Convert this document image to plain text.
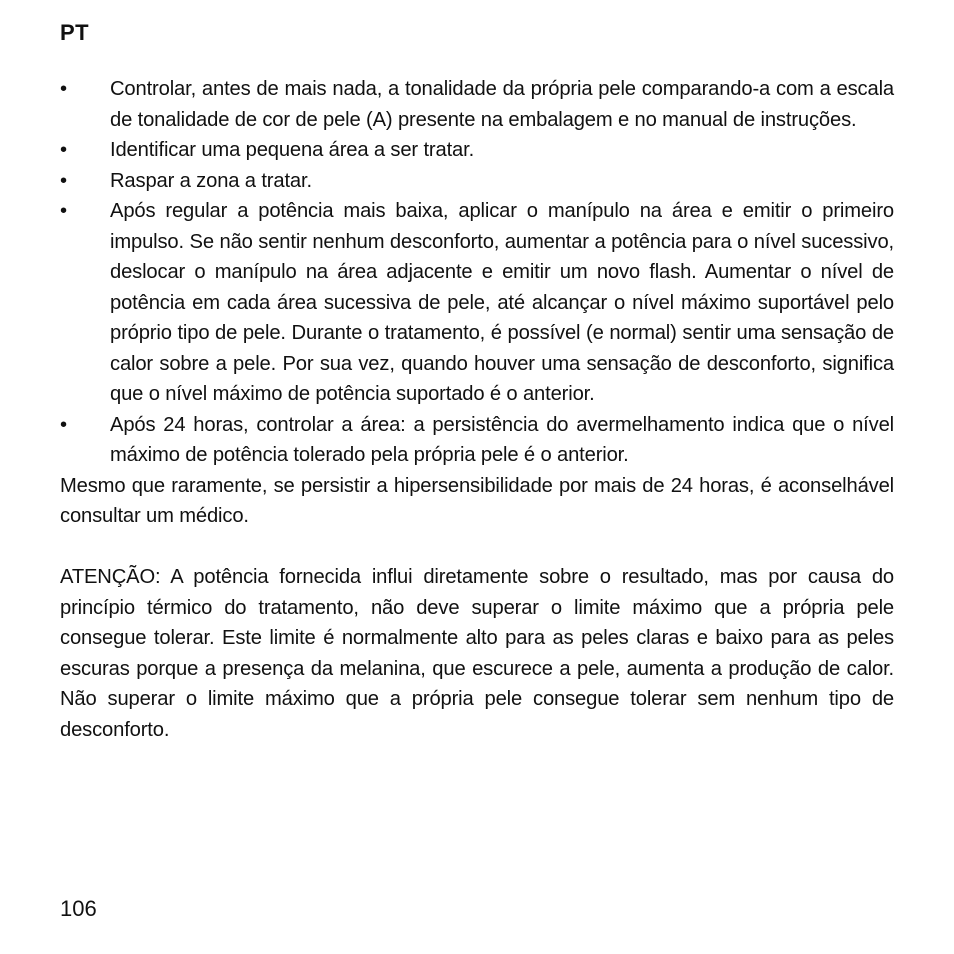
PT
• Controlar, antes de mais nada, a tonalidade da própria pele comparando-a com a escala de tonalidade de cor de pele (A) presente na embalagem e no manual de instruções.
• Identificar uma pequena área a ser tratar.
• Raspar a zona a tratar.
• Após regular a potência mais baixa, aplicar o manípulo na área e emitir o primeiro impulso. Se não sentir nenhum desconforto, aumentar a potência para o nível sucessivo, deslocar o manípulo na área adjacente e emitir um novo flash. Aumentar o nível de potência em cada área sucessiva de pele, até alcançar o nível máximo suportável pelo próprio tipo de pele. Durante o tratamento, é possível (e normal) sentir uma sensação de calor sobre a pele. Por sua vez, quando houver uma sensação de desconforto, significa que o nível máximo de potência suportado é o anterior.
• Após 24 horas, controlar a área: a persistência do avermelhamento indica que o nível máximo de potência tolerado pela própria pele é o anterior.

Mesmo que raramente, se persistir a hipersensibilidade por mais de 24 horas, é aconselhável consultar um médico.

ATENÇÃO: A potência fornecida influi diretamente sobre o resultado, mas por causa do princípio térmico do tratamento, não deve superar o limite máximo que a própria pele consegue tolerar. Este limite é normalmente alto para as peles claras e baixo para as peles escuras porque a presença da melanina, que escurece a pele, aumenta a produção de calor. Não superar o limite máximo que a própria pele consegue tolerar sem nenhum tipo de desconforto.

106
